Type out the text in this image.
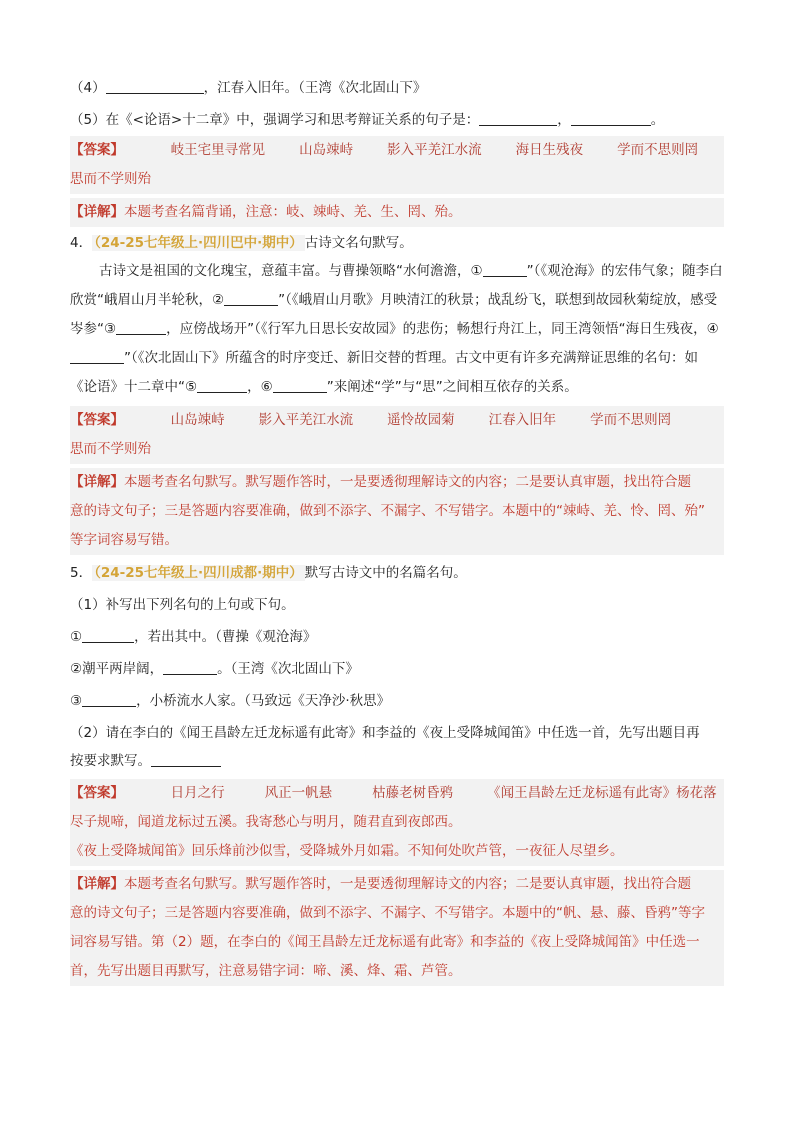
（4）	，江春入旧年。（王湾《次北固山下》
（5）在《<论语>十二章》中，强调学习和思考辩证关系的句子是：	，	。
【答案】	岐王宅里寻常见	山岛竦峙	影入平羌江水流	海日生残夜	学而不思则罔
思而不学则殆
【详解】本题考查名篇背诵，注意：岐、竦峙、羌、生、罔、殆。
4． （24-25七年级上·四川巴中·期中） 古诗文名句默写。
古诗文是祖国的文化瑰宝，意蕴丰富。与曹操领略“水何澹澹，①	”（《观沧海》的宏伟气象；随李白欣赏“峨眉山月半轮秋，②	”（《峨眉山月歌》月映清江的秋景；战乱纷飞，联想到故园秋菊绽放，感受岑参“③	，应傍战场开”（《行军九日思长安故园》的悲伤；畅想行舟江上，同王湾领悟“海日生残夜，④”（《次北固山下》所蕴含的时序变迁、新旧交替的哲理。古文中更有许多充满辩证思维的名句：如《论语》十二章中“⑤	，⑥	”来阐述“学”与“思”之间相互依存的关系。
【答案】	山岛竦峙	影入平羌江水流	遥怜故园菊	江春入旧年	学而不思则罔
思而不学则殆
【详解】本题考查名句默写。默写题作答时，一是要透彻理解诗文的内容；二是要认真审题，找出符合题
意的诗文句子；三是答题内容要准确，做到不添字、不漏字、不写错字。本题中的“竦峙、羌、怜、罔、殆”
等字词容易写错。
5． （24-25七年级上·四川成都·期中） 默写古诗文中的名篇名句。
（1）补写出下列名句的上句或下句。
①	，若出其中。（曹操《观沧海》
②潮平两岸阔，	。（王湾《次北固山下》
③	，小桥流水人家。（马致远《天净沙·秋思》
（2）请在李白的《闻王昌龄左迁龙标遥有此寄》和李益的《夜上受降城闻笛》中任选一首，先写出题目再
按要求默写。
【答案】	日月之行	风正一帆悬	枯藤老树昏鸦	《闻王昌龄左迁龙标遥有此寄》杨花落
尽子规啼，闻道龙标过五溪。我寄愁心与明月，随君直到夜郎西。
《夜上受降城闻笛》回乐烽前沙似雪，受降城外月如霜。不知何处吹芦管，一夜征人尽望乡。
【详解】本题考查名句默写。默写题作答时，一是要透彻理解诗文的内容；二是要认真审题，找出符合题
意的诗文句子；三是答题内容要准确，做到不添字、不漏字、不写错字。本题中的“帆、悬、藤、昏鸦”等字
词容易写错。第（2）题，在李白的《闻王昌龄左迁龙标遥有此寄》和李益的《夜上受降城闻笛》中任选一
首，先写出题目再默写，注意易错字词：啼、溪、烽、霜、芦管。
